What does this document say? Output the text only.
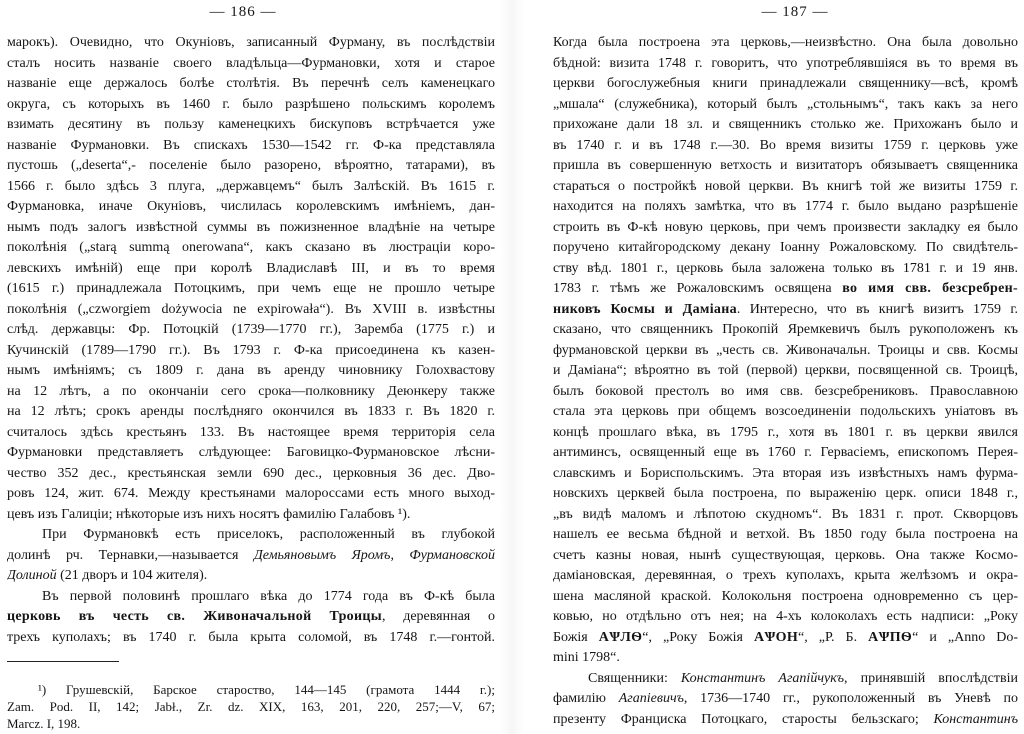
— 186 —
марокъ). Очевидно, что Окуніовъ, записанный Фурману, въ послѣдствіи
сталъ носить названіе своего владѣльца—Фурмановки, хотя и старое
названіе еще держалось болѣе столѣтія. Въ перечнѣ селъ каменецкаго
округа, съ которыхъ въ 1460 г. было разрѣшено польскимъ королемъ
взимать десятину въ пользу каменецкихъ бискуповъ встрѣчается уже
названіе Фурмановки. Въ спискахъ 1530—1542 гг. Ф-ка представляла
пустошь („deserta“,- поселеніе было разорено, вѣроятно, татарами), въ
1566 г. было здѣсь 3 плуга, „державцемъ“ былъ Залѣскій. Въ 1615 г.
Фурмановка, иначе Окуніовъ, числилась королевскимъ имѣніемъ, дан-
нымъ подъ залогъ извѣстной суммы въ пожизненное владѣніе на четыре
поколѣнія („starą summą onerowana“, какъ сказано въ люстраціи коро-
левскихъ имѣній) еще при королѣ Владиславѣ III, и въ то время
(1615 г.) принадлежала Потоцкимъ, при чемъ еще не прошло четыре
поколѣнія („czworgiem dożywocia ne expirowała“). Въ XVIII в. извѣстны
слѣд. державцы: Фр. Потоцкій (1739—1770 гг.), Заремба (1775 г.) и
Кучинскій (1789—1790 гг.). Въ 1793 г. Ф-ка присоединена къ казен-
нымъ имѣніямъ; съ 1809 г. дана въ аренду чиновнику Голохвастову
на 12 лѣтъ, а по окончаніи сего срока—полковнику Деюнкеру также
на 12 лѣтъ; срокъ аренды послѣдняго окончился въ 1833 г. Въ 1820 г.
считалось здѣсь крестьянъ 133. Въ настоящее время территорія села
Фурмановки представляетъ слѣдующее: Баговицко-Фурмановское лѣсни-
чество 352 дес., крестьянская земли 690 дес., церковныя 36 дес. Дво-
ровъ 124, жит. 674. Между крестьянами малороссами есть много выход-
цевъ изъ Галиціи; нѣкоторые изъ нихъ носятъ фамилію Галабовъ ¹).
При Фурмановкѣ есть приселокъ, расположенный въ глубокой
долинѣ рч. Тернавки,—называется Демьяновымъ Яромъ, Фурмановской
Долиной (21 дворъ и 104 жителя).
Въ первой половинѣ прошлаго вѣка до 1774 года въ Ф-кѣ была
церковь въ честь св. Живоначальной Троицы, деревянная о
трехъ куполахъ; въ 1740 г. была крыта соломой, въ 1748 г.—гонтой.
¹) Грушевскій, Барское староство, 144—145 (грамота 1444 г.);
Zam. Pod. II, 142; Jabł., Zr. dz. XIX, 163, 201, 220, 257;—V, 67;
Marcz. I, 198.
— 187 —
Когда была построена эта церковь,—неизвѣстно. Она была довольно
бѣдной: визита 1748 г. говоритъ, что употреблявшіяся въ то время въ
церкви богослужебныя книги принадлежали священнику—всѣ, кромѣ
„мшала“ (служебника), который былъ „стольнымъ“, такъ какъ за него
прихожане дали 18 зл. и священникъ столько же. Прихожанъ было и
въ 1740 г. и въ 1748 г.—30. Во время визиты 1759 г. церковь уже
пришла въ совершенную ветхость и визитаторъ обязываетъ священника
стараться о постройкѣ новой церкви. Въ книгѣ той же визиты 1759 г.
находится на поляхъ замѣтка, что въ 1774 г. было выдано разрѣшеніе
строить въ Ф-кѣ новую церковь, при чемъ произвести закладку ея было
поручено китайгородскому декану Іоанну Рожаловскому. По свидѣтель-
ству вѣд. 1801 г., церковь была заложена только въ 1781 г. и 19 янв.
1783 г. тѣмъ же Рожаловскимъ освящена во имя свв. безсребрен-
никовъ Космы и Даміана. Интересно, что въ книгѣ визитъ 1759 г.
сказано, что священникъ Прокопій Яремкевичъ былъ рукоположенъ къ
фурмановской церкви въ „честь св. Живоначальн. Троицы и свв. Космы
и Даміана“; вѣроятно въ той (первой) церкви, посвященной св. Троицѣ,
былъ боковой престолъ во имя свв. безсребрениковъ. Православною
стала эта церковь при общемъ возсоединеніи подольскихъ уніатовъ въ
концѣ прошлаго вѣка, въ 1795 г., хотя въ 1801 г. въ церкви явился
антиминсъ, освященный еще въ 1760 г. Гервасіемъ, епископомъ Перея-
славскимъ и Бориспольскимъ. Эта вторая изъ извѣстныхъ намъ фурма-
новскихъ церквей была построена, по выраженію церк. описи 1848 г.,
„въ видѣ маломъ и лѣпотою скудномъ“. Въ 1831 г. прот. Скворцовъ
нашелъ ее весьма бѣдной и ветхой. Въ 1850 году была построена на
счетъ казны новая, нынѣ существующая, церковь. Она также Космо-
даміановская, деревянная, о трехъ куполахъ, крыта желѣзомъ и окра-
шена масляной краской. Колокольня построена одновременно съ цер-
ковью, но отдѣльно отъ нея; на 4-хъ колоколахъ есть надписи: „Року
Божія АѰЛѲ“, „Року Божія АѰОН“, „Р. Б. АѰПѲ“ и „Anno Do-
mini 1798“.
Священники: Константинъ Агапійчукъ, принявшій впослѣдствіи
фамилію Агапіевичъ, 1736—1740 гг., рукоположенный въ Уневѣ по
презенту Франциска Потоцкаго, старосты бельзскаго; Константинъ
